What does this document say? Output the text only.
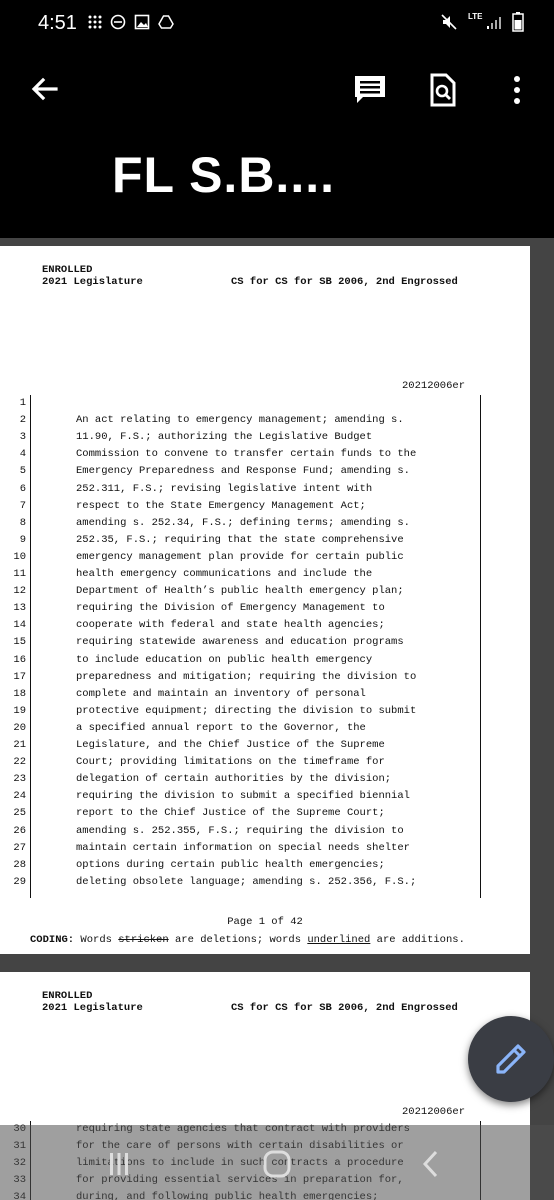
4:51	LTE
FL S.B....
ENROLLED
2021 Legislature	CS for CS for SB 2006, 2nd Engrossed
20212006er
1
2	An act relating to emergency management; amending s.
3	11.90, F.S.; authorizing the Legislative Budget
4	Commission to convene to transfer certain funds to the
5	Emergency Preparedness and Response Fund; amending s.
6	252.311, F.S.; revising legislative intent with
7	respect to the State Emergency Management Act;
8	amending s. 252.34, F.S.; defining terms; amending s.
9	252.35, F.S.; requiring that the state comprehensive
10	emergency management plan provide for certain public
11	health emergency communications and include the
12	Department of Health’s public health emergency plan;
13	requiring the Division of Emergency Management to
14	cooperate with federal and state health agencies;
15	requiring statewide awareness and education programs
16	to include education on public health emergency
17	preparedness and mitigation; requiring the division to
18	complete and maintain an inventory of personal
19	protective equipment; directing the division to submit
20	a specified annual report to the Governor, the
21	Legislature, and the Chief Justice of the Supreme
22	Court; providing limitations on the timeframe for
23	delegation of certain authorities by the division;
24	requiring the division to submit a specified biennial
25	report to the Chief Justice of the Supreme Court;
26	amending s. 252.355, F.S.; requiring the division to
27	maintain certain information on special needs shelter
28	options during certain public health emergencies;
29	deleting obsolete language; amending s. 252.356, F.S.;
Page 1 of 42
CODING: Words stricken are deletions; words underlined are additions.
ENROLLED
2021 Legislature	CS for CS for SB 2006, 2nd Engrossed
20212006er
